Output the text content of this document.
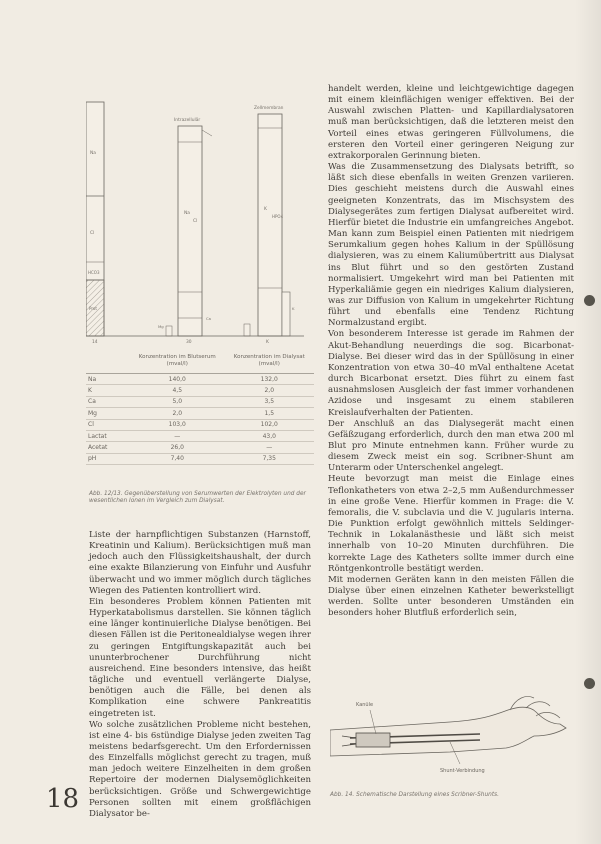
Intrazellulär
Zellmembran
Na
Cl
HCO3
Prot
Na
Cl
K
HPO4
Mg
Ca
K
14	30	K
	Konzentration im Blutserum (mval/l)	Konzentration im Dialysat (mval/l)
Na	140,0	132,0
K	4,5	2,0
Ca	5,0	3,5
Mg	2,0	1,5
Cl	103,0	102,0
Lactat	—	43,0
Acetat	26,0	—
pH	7,40	7,35
Abb. 12/13. Gegenüberstellung von Serumwerten der Elektrolyten und der wesentlichen Ionen im Vergleich zum Dialysat.

Liste der harnpflichtigen Substanzen (Harnstoff, Kreatinin und Kalium). Berücksichtigen muß man jedoch auch den Flüssigkeitshaushalt, der durch eine exakte Bilanzierung von Einfuhr und Ausfuhr überwacht und wo immer möglich durch tägliches Wiegen des Patienten kontrolliert wird.

Ein besonderes Problem können Patienten mit Hyperkatabolismus darstellen. Sie können täglich eine länger kontinuierliche Dialyse benötigen. Bei diesen Fällen ist die Peritonealdialyse wegen ihrer zu geringen Entgiftungskapazität auch bei ununterbrochener Durchführung nicht ausreichend. Eine besonders intensive, das heißt tägliche und eventuell verlängerte Dialyse, benötigen auch die Fälle, bei denen als Komplikation eine schwere Pankreatitis eingetreten ist.

Wo solche zusätzlichen Probleme nicht bestehen, ist eine 4- bis 6stündige Dialyse jeden zweiten Tag meistens bedarfsgerecht. Um den Erfordernissen des Einzelfalls möglichst gerecht zu tragen, muß man jedoch weitere Einzelheiten in dem großen Repertoire der modernen Dialysemöglichkeiten berücksichtigen. Größe und Schwergewichtige Personen sollten mit einem großflächigen Dialysator be-

handelt werden, kleine und leichtgewichtige dagegen mit einem kleinflächigen weniger effektiven. Bei der Auswahl zwischen Platten- und Kapillardialysatoren muß man berücksichtigen, daß die letzteren meist den Vorteil eines etwas geringeren Füllvolumens, die ersteren den Vorteil einer geringeren Neigung zur extrakorporalen Gerinnung bieten.

Was die Zusammensetzung des Dialysats betrifft, so läßt sich diese ebenfalls in weiten Grenzen variieren. Dies geschieht meistens durch die Auswahl eines geeigneten Konzentrats, das im Mischsystem des Dialysegerätes zum fertigen Dialysat aufbereitet wird. Hierfür bietet die Industrie ein umfangreiches Angebot. Man kann zum Beispiel einen Patienten mit niedrigem Serumkalium gegen hohes Kalium in der Spüllösung dialysieren, was zu einem Kaliumübertritt aus Dialysat ins Blut führt und so den gestörten Zustand normalisiert. Umgekehrt wird man bei Patienten mit Hyperkaliämie gegen ein niedriges Kalium dialysieren, was zur Diffusion von Kalium in umgekehrter Richtung führt und ebenfalls eine Tendenz Richtung Normalzustand ergibt.

Von besonderem Interesse ist gerade im Rahmen der Akut-Behandlung neuerdings die sog. Bicarbonat-Dialyse. Bei dieser wird das in der Spüllösung in einer Konzentration von etwa 30–40 mVal enthaltene Acetat durch Bicarbonat ersetzt. Dies führt zu einem fast ausnahmslosen Ausgleich der fast immer vorhandenen Azidose und insgesamt zu einem stabileren Kreislaufverhalten der Patienten.

Der Anschluß an das Dialysegerät macht einen Gefäßzugang erforderlich, durch den man etwa 200 ml Blut pro Minute entnehmen kann. Früher wurde zu diesem Zweck meist ein sog. Scribner-Shunt am Unterarm oder Unterschenkel angelegt.

Heute bevorzugt man meist die Einlage eines Teflonkatheters von etwa 2–2,5 mm Außendurchmesser in eine große Vene. Hierfür kommen in Frage: die V. femoralis, die V. subclavia und die V. jugularis interna. Die Punktion erfolgt gewöhnlich mittels Seldinger-Technik in Lokalanästhesie und läßt sich meist innerhalb von 10–20 Minuten durchführen. Die korrekte Lage des Katheters sollte immer durch eine Röntgenkontrolle bestätigt werden.

Mit modernen Geräten kann in den meisten Fällen die Dialyse über einen einzelnen Katheter bewerkstelligt werden. Sollte unter besonderen Umständen ein besonders hoher Blutfluß erforderlich sein,

Kanüle
Shunt-Verbindung
Abb. 14. Schematische Darstellung eines Scribner-Shunts.
18
